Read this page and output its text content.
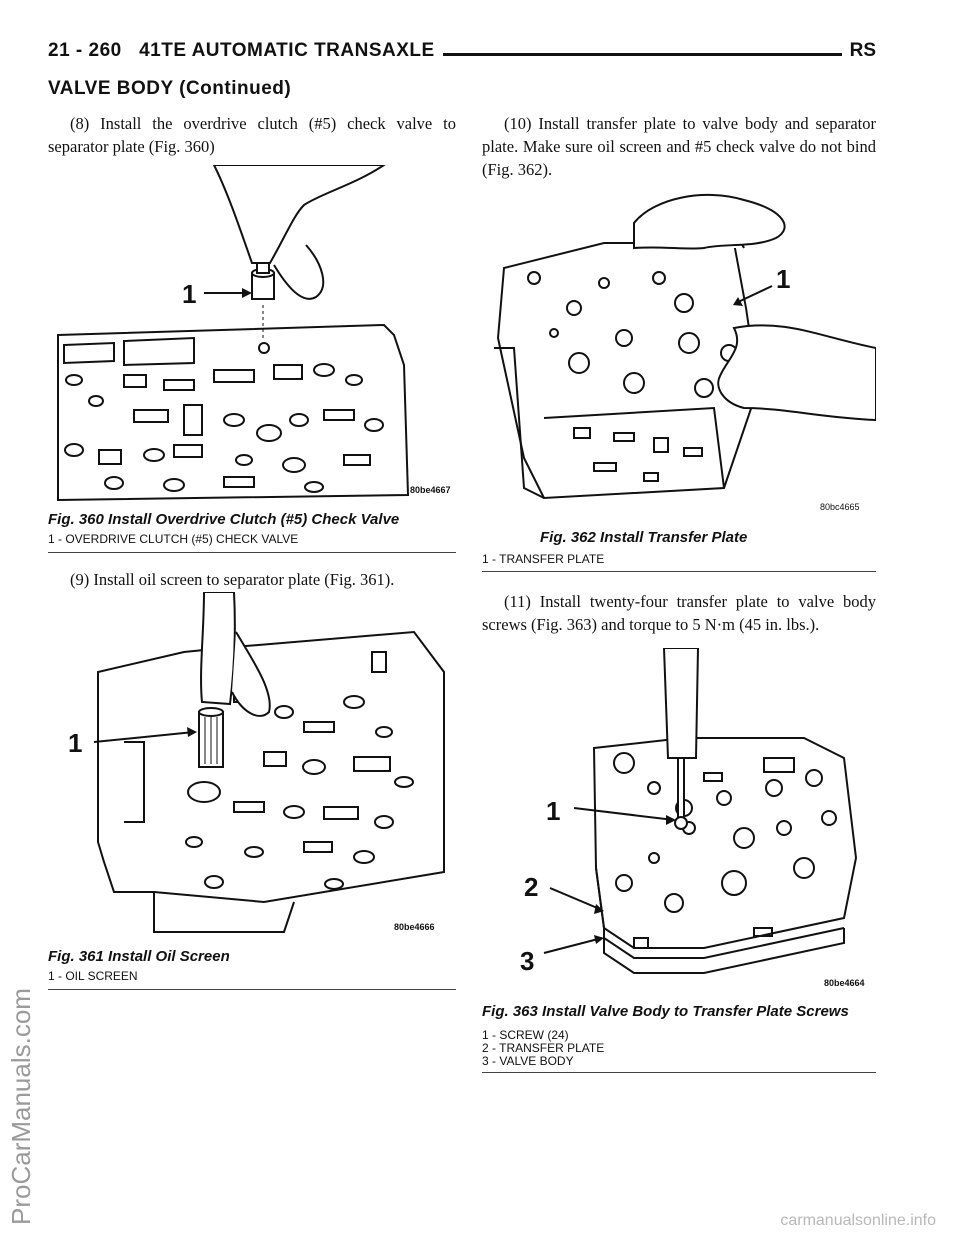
21 - 260 41TE AUTOMATIC TRANSAXLE	RS
VALVE BODY (Continued)
(8) Install the overdrive clutch (#5) check valve to separator plate (Fig. 360)
1
80be4667
Fig. 360 Install Overdrive Clutch (#5) Check Valve
1 - OVERDRIVE CLUTCH (#5) CHECK VALVE
(9) Install oil screen to separator plate (Fig. 361).
1
80be4666
Fig. 361 Install Oil Screen
1 - OIL SCREEN
(10) Install transfer plate to valve body and separator plate. Make sure oil screen and #5 check valve do not bind (Fig. 362).
1
80bc4665
Fig. 362 Install Transfer Plate
1 - TRANSFER PLATE
(11) Install twenty-four transfer plate to valve body screws (Fig. 363) and torque to 5 N·m (45 in. lbs.).
1
2
3
80be4664
Fig. 363 Install Valve Body to Transfer Plate Screws
1 - SCREW (24)
2 - TRANSFER PLATE
3 - VALVE BODY
ProCarManuals.com	carmanualsonline.info
